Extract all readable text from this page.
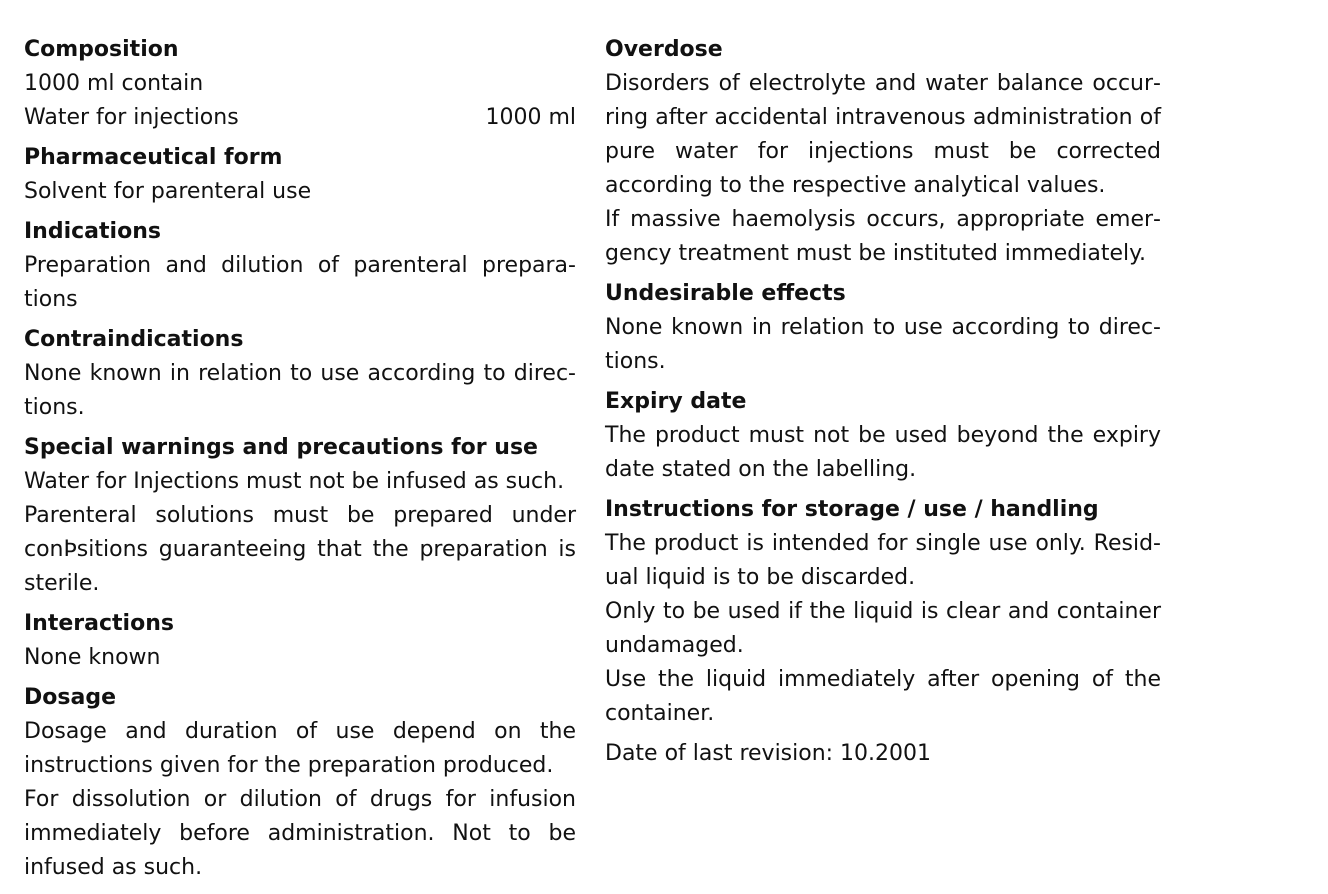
Composition

1000 ml contain

Water for injections	1000 ml

Pharmaceutical form

Solvent for parenteral use

Indications

Preparation and dilution of parenteral preparations

Contraindications

None known in relation to use according to directions.

Special warnings and precautions for use

Water for Injections must not be infused as such.

Parenteral solutions must be prepared under conÞsitions guaranteeing that the preparation is sterile.

Interactions

None known

Dosage

Dosage and duration of use depend on the instructions given for the preparation produced.

For dissolution or dilution of drugs for infusion immediately before administration. Not to be infused as such.

Overdose

Disorders of electrolyte and water balance occurring after accidental intravenous administration of pure water for injections must be corrected according to the respective analytical values.

If massive haemolysis occurs, appropriate emergency treatment must be instituted immediately.

Undesirable effects

None known in relation to use according to directions.

Expiry date

The product must not be used beyond the expiry date stated on the labelling.

Instructions for storage / use / handling

The product is intended for single use only. Residual liquid is to be discarded.

Only to be used if the liquid is clear and container undamaged.

Use the liquid immediately after opening of the container.

Date of last revision: 10.2001
